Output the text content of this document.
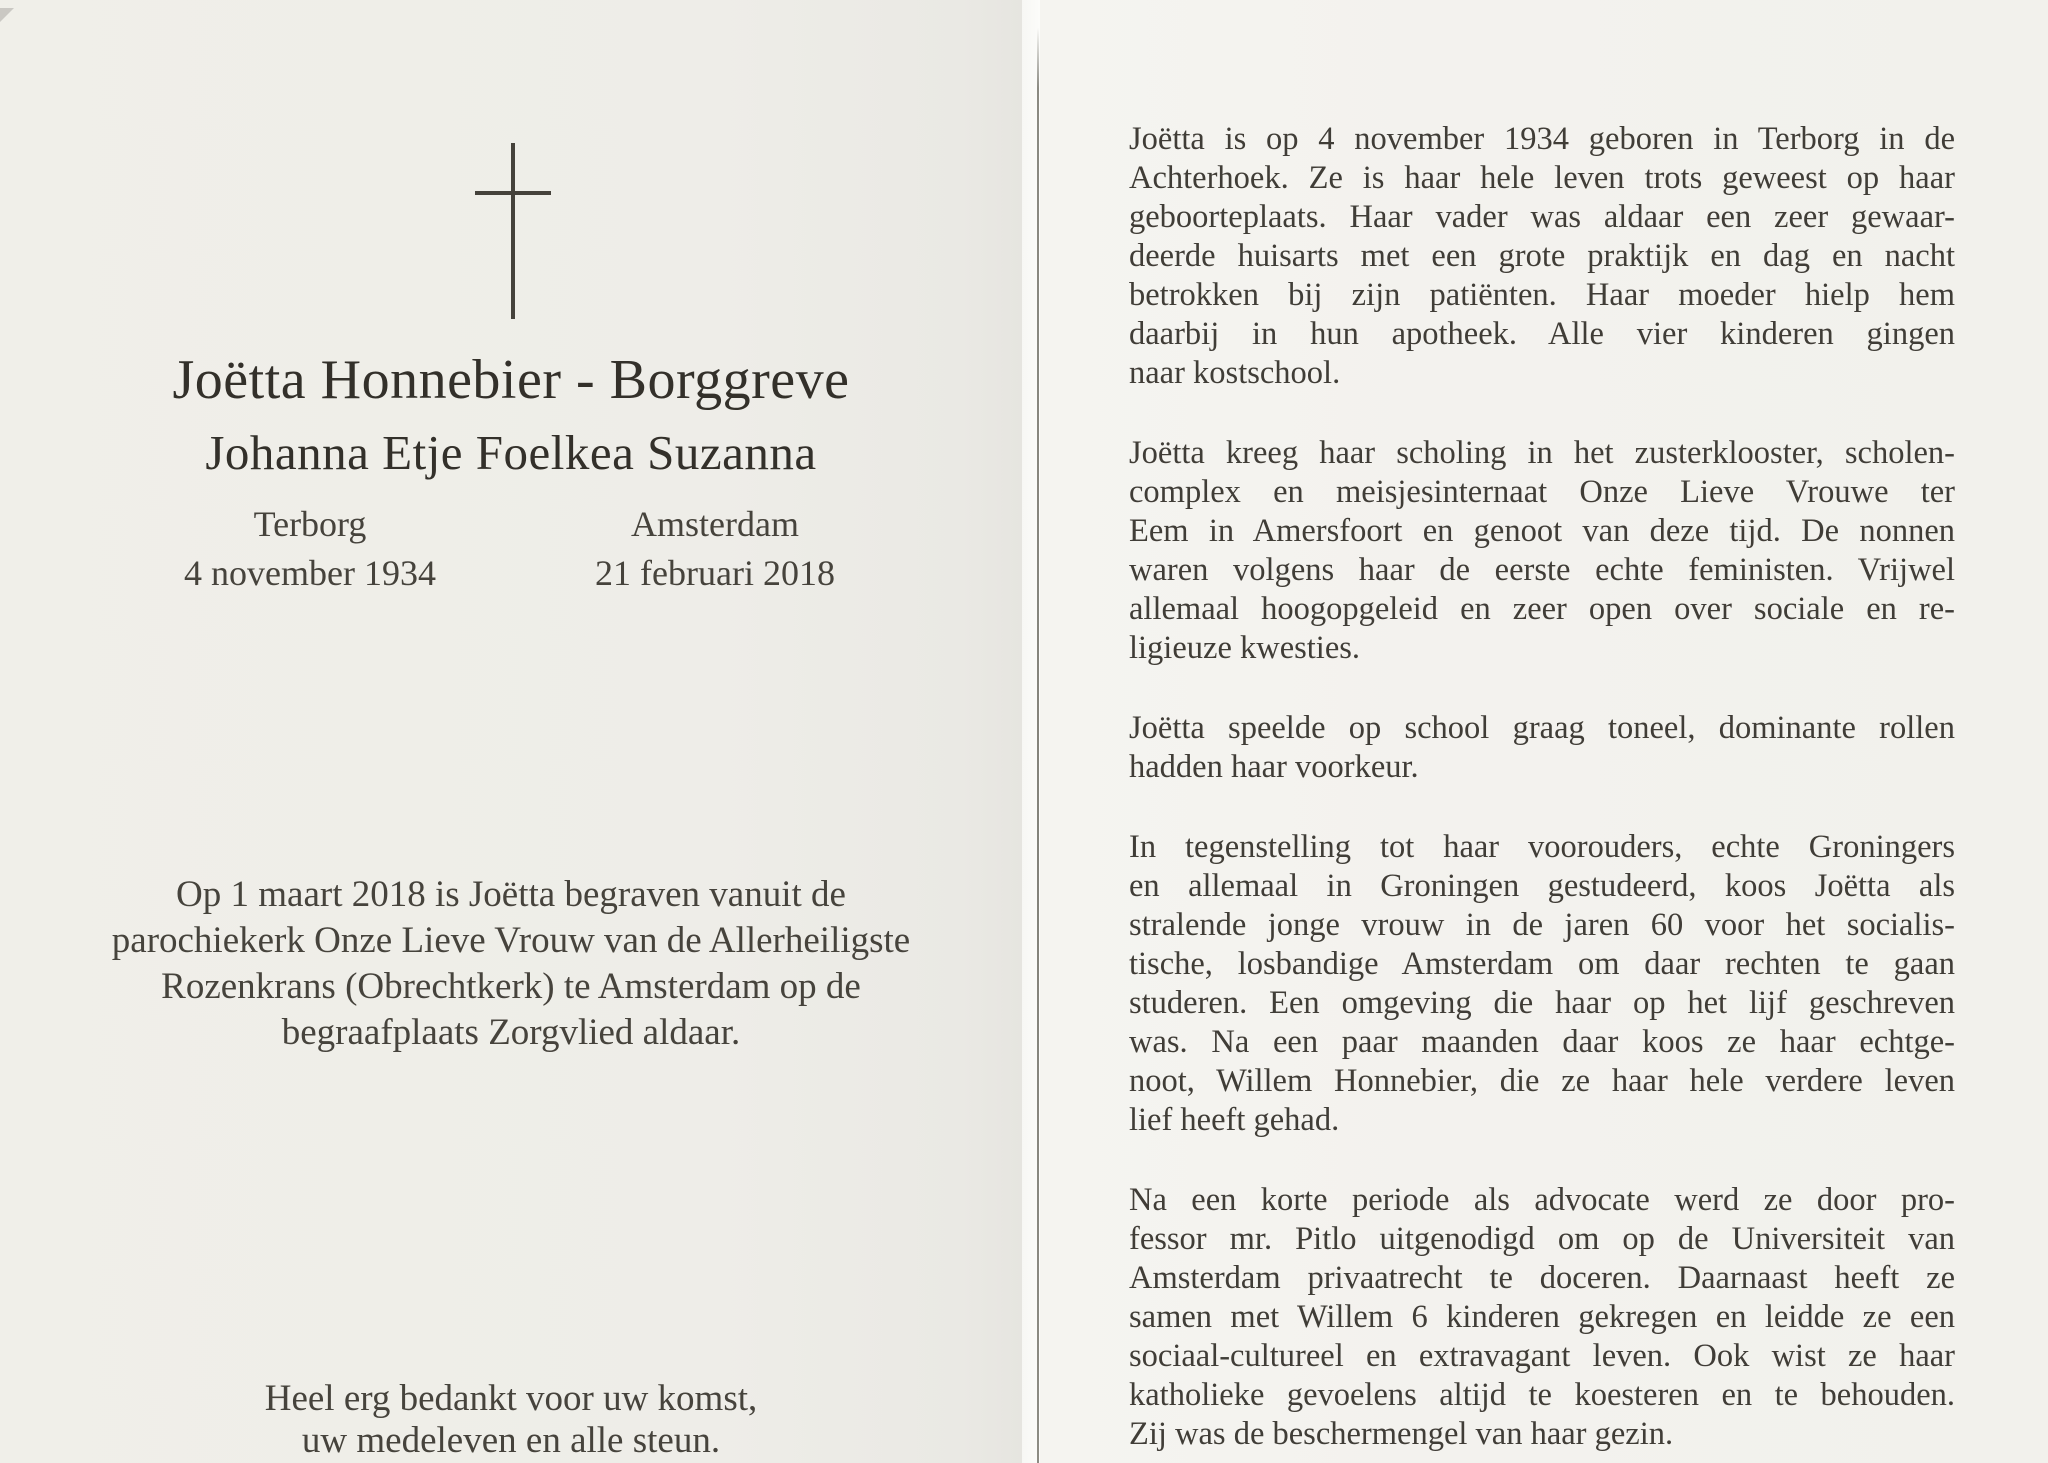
Joëtta Honnebier - Borggreve
Johanna Etje Foelkea Suzanna
Terborg
4 november 1934
Amsterdam
21 februari 2018
Op 1 maart 2018 is Joëtta begraven vanuit de
parochiekerk Onze Lieve Vrouw van de Allerheiligste
Rozenkrans (Obrechtkerk) te Amsterdam op de
begraafplaats Zorgvlied aldaar.
Heel erg bedankt voor uw komst,
uw medeleven en alle steun.
Joëtta is op 4 november 1934 geboren in Terborg in de
Achterhoek. Ze is haar hele leven trots geweest op haar
geboorteplaats. Haar vader was aldaar een zeer gewaar-
deerde huisarts met een grote praktijk en dag en nacht
betrokken bij zijn patiënten. Haar moeder hielp hem
daarbij in hun apotheek. Alle vier kinderen gingen
naar kostschool.
Joëtta kreeg haar scholing in het zusterklooster, scholen-
complex en meisjesinternaat Onze Lieve Vrouwe ter
Eem in Amersfoort en genoot van deze tijd. De nonnen
waren volgens haar de eerste echte feministen. Vrijwel
allemaal hoogopgeleid en zeer open over sociale en re-
ligieuze kwesties.
Joëtta speelde op school graag toneel, dominante rollen
hadden haar voorkeur.
In tegenstelling tot haar voorouders, echte Groningers
en allemaal in Groningen gestudeerd, koos Joëtta als
stralende jonge vrouw in de jaren 60 voor het socialis-
tische, losbandige Amsterdam om daar rechten te gaan
studeren. Een omgeving die haar op het lijf geschreven
was. Na een paar maanden daar koos ze haar echtge-
noot, Willem Honnebier, die ze haar hele verdere leven
lief heeft gehad.
Na een korte periode als advocate werd ze door pro-
fessor mr. Pitlo uitgenodigd om op de Universiteit van
Amsterdam privaatrecht te doceren. Daarnaast heeft ze
samen met Willem 6 kinderen gekregen en leidde ze een
sociaal-cultureel en extravagant leven. Ook wist ze haar
katholieke gevoelens altijd te koesteren en te behouden.
Zij was de beschermengel van haar gezin.
